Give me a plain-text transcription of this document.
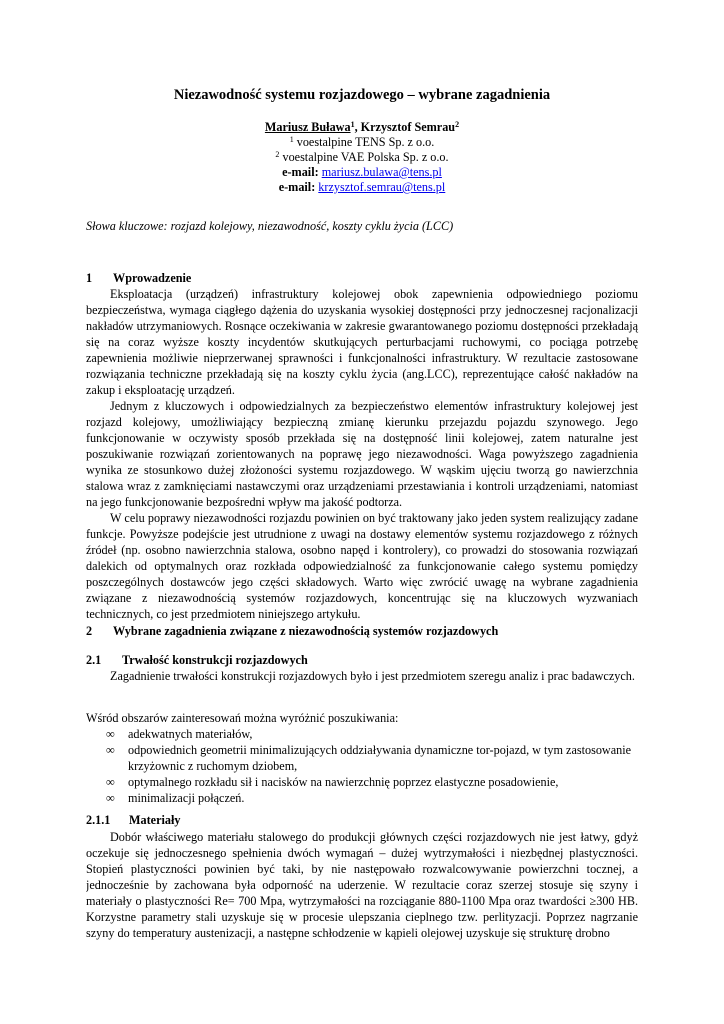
Niezawodność systemu rozjazdowego – wybrane zagadnienia
Mariusz Buława$^1$, Krzysztof Semrau$^2$
$^1$ voestalpine TENS Sp. z o.o.
$^2$ voestalpine VAE Polska Sp. z o.o.
e-mail: mariusz.bulawa@tens.pl
e-mail: krzysztof.semrau@tens.pl
Słowa kluczowe: rozjazd kolejowy, niezawodność, koszty cyklu życia (LCC)
1 Wprowadzenie
Eksploatacja (urządzeń) infrastruktury kolejowej obok zapewnienia odpowiedniego poziomu bezpieczeństwa, wymaga ciągłego dążenia do uzyskania wysokiej dostępności przy jednoczesnej racjonalizacji nakładów utrzymaniowych. Rosnące oczekiwania w zakresie gwarantowanego poziomu dostępności przekładają się na coraz wyższe koszty incydentów skutkujących perturbacjami ruchowymi, co pociąga potrzebę zapewnienia możliwie nieprzerwanej sprawności i funkcjonalności infrastruktury. W rezultacie zastosowane rozwiązania techniczne przekładają się na koszty cyklu życia (ang.LCC), reprezentujące całość nakładów na zakup i eksploatację urządzeń.
Jednym z kluczowych i odpowiedzialnych za bezpieczeństwo elementów infrastruktury kolejowej jest rozjazd kolejowy, umożliwiający bezpieczną zmianę kierunku przejazdu pojazdu szynowego. Jego funkcjonowanie w oczywisty sposób przekłada się na dostępność linii kolejowej, zatem naturalne jest poszukiwanie rozwiązań zorientowanych na poprawę jego niezawodności. Waga powyższego zagadnienia wynika ze stosunkowo dużej złożoności systemu rozjazdowego. W wąskim ujęciu tworzą go nawierzchnia stalowa wraz z zamknięciami nastawczymi oraz urządzeniami przestawiania i kontroli urządzeniami, natomiast na jego funkcjonowanie bezpośredni wpływ ma jakość podtorza.
W celu poprawy niezawodności rozjazdu powinien on być traktowany jako jeden system realizujący zadane funkcje. Powyższe podejście jest utrudnione z uwagi na dostawy elementów systemu rozjazdowego z różnych źródeł (np. osobno nawierzchnia stalowa, osobno napęd i kontrolery), co prowadzi do stosowania rozwiązań dalekich od optymalnych oraz rozkłada odpowiedzialność za funkcjonowanie całego systemu pomiędzy poszczególnych dostawców jego części składowych. Warto więc zwrócić uwagę na wybrane zagadnienia związane z niezawodnością systemów rozjazdowych, koncentrując się na kluczowych wyzwaniach technicznych, co jest przedmiotem niniejszego artykułu.
2 Wybrane zagadnienia związane z niezawodnością systemów rozjazdowych
2.1 Trwałość konstrukcji rozjazdowych
Zagadnienie trwałości konstrukcji rozjazdowych było i jest przedmiotem szeregu analiz i prac badawczych.
Wśród obszarów zainteresowań można wyróżnić poszukiwania:
∞ adekwatnych materiałów,
∞ odpowiednich geometrii minimalizujących oddziaływania dynamiczne tor-pojazd, w tym zastosowanie krzyżownic z ruchomym dziobem,
∞ optymalnego rozkładu sił i nacisków na nawierzchnię poprzez elastyczne posadowienie,
∞ minimalizacji połączeń.
2.1.1 Materiały
Dobór właściwego materiału stalowego do produkcji głównych części rozjazdowych nie jest łatwy, gdyż oczekuje się jednoczesnego spełnienia dwóch wymagań – dużej wytrzymałości i niezbędnej plastyczności. Stopień plastyczności powinien być taki, by nie następowało rozwalcowywanie powierzchni tocznej, a jednocześnie by zachowana była odporność na uderzenie. W rezultacie coraz szerzej stosuje się szyny i materiały o plastyczności Re= 700 Mpa, wytrzymałości na rozciąganie 880-1100 Mpa oraz twardości ≥300 HB. Korzystne parametry stali uzyskuje się w procesie ulepszania cieplnego tzw. perlityzacji. Poprzez nagrzanie szyny do temperatury austenizacji, a następne schłodzenie w kąpieli olejowej uzyskuje się strukturę drobno
